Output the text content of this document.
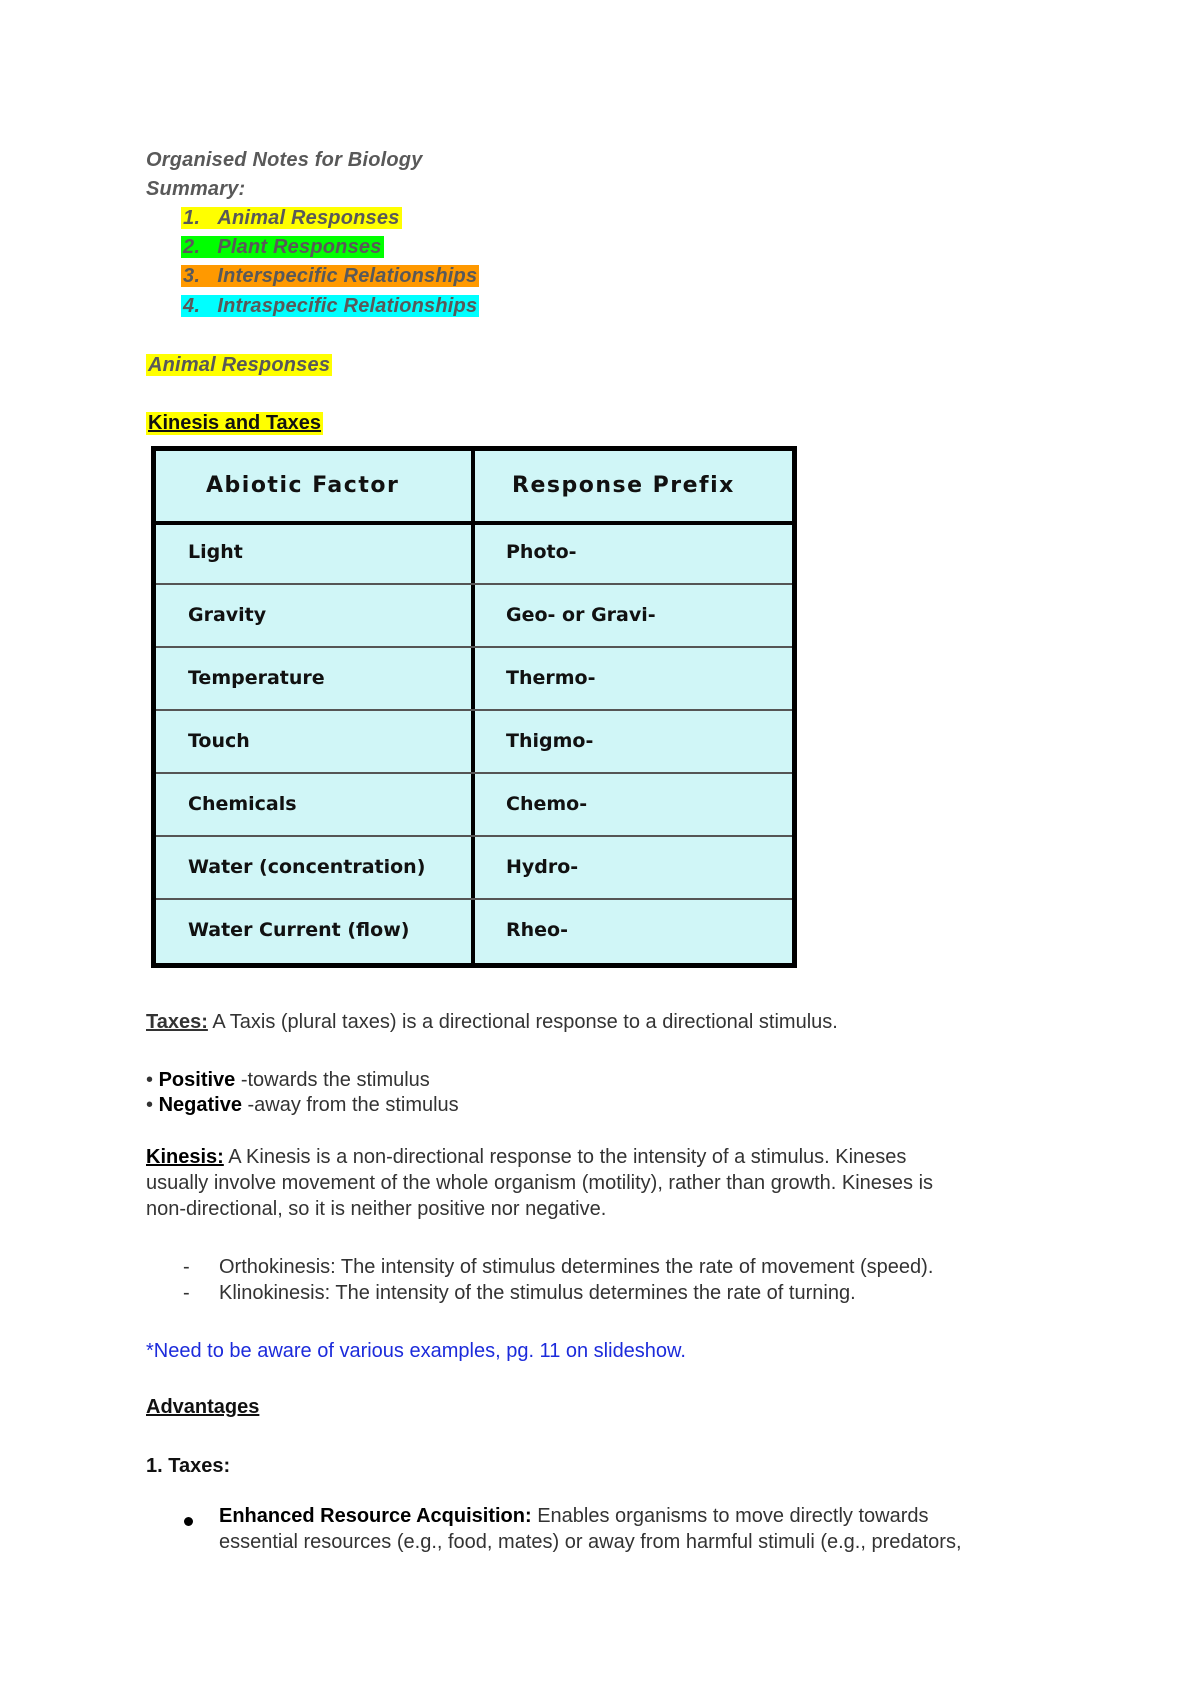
Organised Notes for Biology
Summary:
1. Animal Responses
2. Plant Responses
3. Interspecific Relationships
4. Intraspecific Relationships
Animal Responses
Kinesis and Taxes
Abiotic Factor	Response Prefix
Light	Photo-
Gravity	Geo- or Gravi-
Temperature	Thermo-
Touch	Thigmo-
Chemicals	Chemo-
Water (concentration)	Hydro-
Water Current (flow)	Rheo-
Taxes: A Taxis (plural taxes) is a directional response to a directional stimulus.
• Positive -towards the stimulus
• Negative -away from the stimulus
Kinesis: A Kinesis is a non-directional response to the intensity of a stimulus. Kineses
usually involve movement of the whole organism (motility), rather than growth. Kineses is
non-directional, so it is neither positive nor negative.
- Orthokinesis: The intensity of stimulus determines the rate of movement (speed).
- Klinokinesis: The intensity of the stimulus determines the rate of turning.
*Need to be aware of various examples, pg. 11 on slideshow.
Advantages
1. Taxes:
Enhanced Resource Acquisition: Enables organisms to move directly towards
essential resources (e.g., food, mates) or away from harmful stimuli (e.g., predators,
